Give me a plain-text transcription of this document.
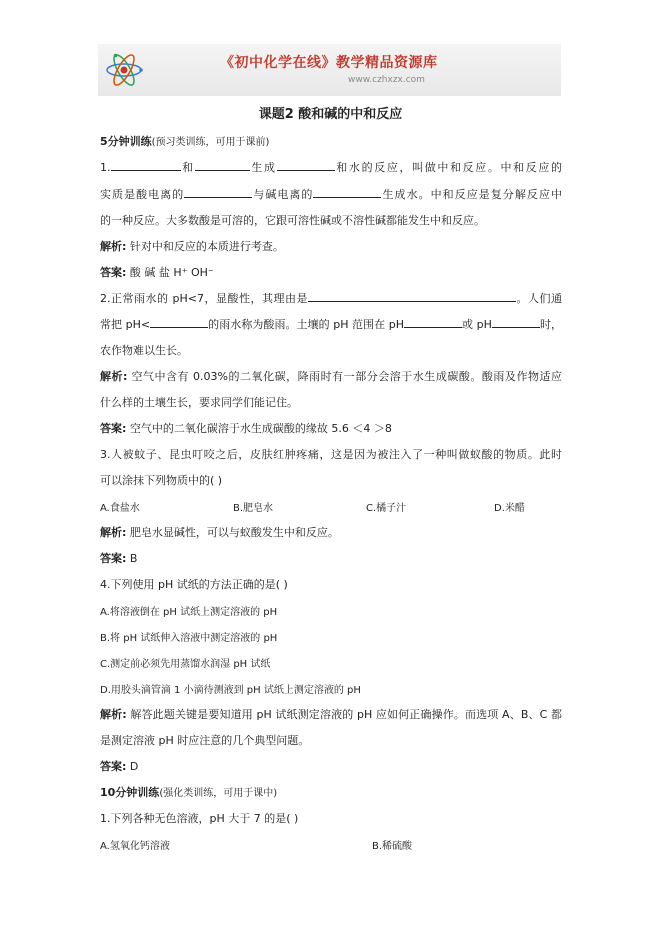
《初中化学在线》教学精品资源库
www.czhxzx.com
课题2 酸和碱的中和反应
5分钟训练(预习类训练，可用于课前)
1.	和	生成	和水的反应，叫做中和反应。中和反应的
实质是酸电离的	与碱电离的	生成水。中和反应是复分解反应中
的一种反应。大多数酸是可溶的，它跟可溶性碱或不溶性碱都能发生中和反应。
解析: 针对中和反应的本质进行考查。
答案: 酸 碱 盐 H⁺ OH⁻
2.正常雨水的 pH<7，显酸性，其理由是	。人们通
常把 pH<	的雨水称为酸雨。土壤的 pH 范围在 pH	或 pH	时，
农作物难以生长。
解析: 空气中含有 0.03%的二氧化碳，降雨时有一部分会溶于水生成碳酸。酸雨及作物适应
什么样的土壤生长，要求同学们能记住。
答案: 空气中的二氧化碳溶于水生成碳酸的缘故 5.6 ＜4 ＞8
3.人被蚊子、昆虫叮咬之后，皮肤红肿疼痛，这是因为被注入了一种叫做蚁酸的物质。此时
可以涂抹下列物质中的( )
A.食盐水	B.肥皂水	C.橘子汁	D.米醋
解析: 肥皂水显碱性，可以与蚁酸发生中和反应。
答案: B
4.下列使用 pH 试纸的方法正确的是( )
A.将溶液倒在 pH 试纸上测定溶液的 pH
B.将 pH 试纸伸入溶液中测定溶液的 pH
C.测定前必须先用蒸馏水润湿 pH 试纸
D.用胶头滴管滴 1 小滴待测液到 pH 试纸上测定溶液的 pH
解析: 解答此题关键是要知道用 pH 试纸测定溶液的 pH 应如何正确操作。而选项 A、B、C 都
是测定溶液 pH 时应注意的几个典型问题。
答案: D
10分钟训练(强化类训练，可用于课中)
1.下列各种无色溶液，pH 大于 7 的是( )
A.氢氧化钙溶液	B.稀硫酸
